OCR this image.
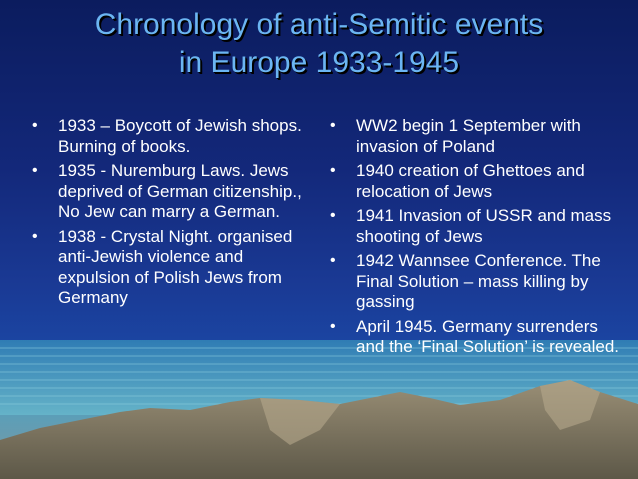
Chronology of anti-Semitic events
in Europe 1933-1945
• 1933 – Boycott of Jewish shops. Burning of books.
• 1935 - Nuremburg Laws. Jews deprived of German citizenship., No Jew can marry a German.
• 1938 - Crystal Night. organised anti-Jewish violence and expulsion of Polish Jews from Germany
• WW2 begin 1 September with invasion of Poland
• 1940 creation of Ghettoes and relocation of Jews
• 1941 Invasion of USSR and mass shooting of Jews
• 1942 Wannsee Conference. The Final Solution – mass killing by gassing
• April 1945. Germany surrenders and the ‘Final Solution’ is revealed.
